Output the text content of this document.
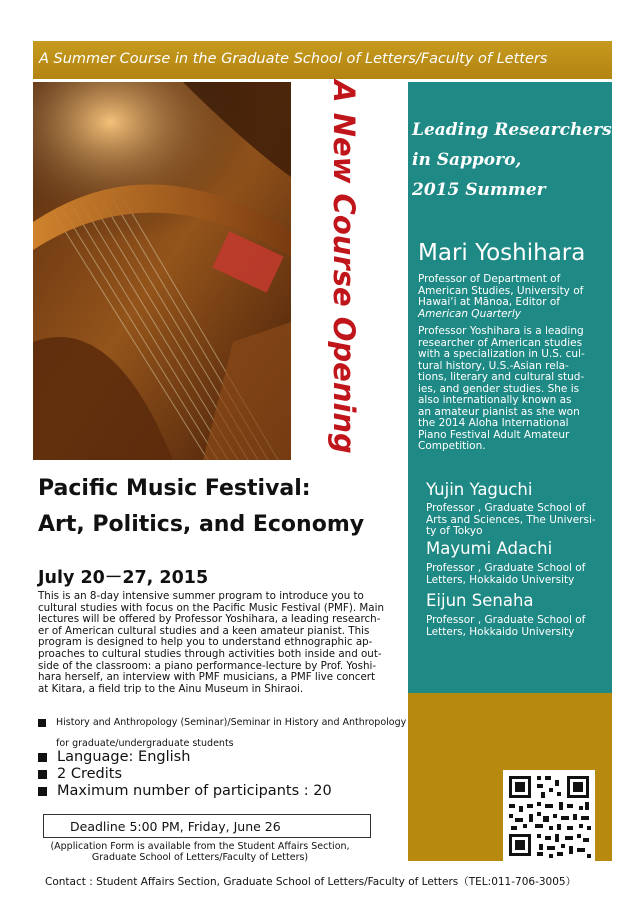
A Summer Course in the Graduate School of Letters/Faculty of Letters
A New Course Opening	Leading Researchers
in Sapporo,
2015 Summer
Mari Yoshihara
Professor of Department of
American Studies, University of
Hawai‘i at Mānoa, Editor of
American Quarterly
Professor Yoshihara is a leading
researcher of American studies
with a specialization in U.S. cul-
tural history, U.S.-Asian rela-
tions, literary and cultural stud-
ies, and gender studies. She is
also internationally known as
an amateur pianist as she won
the 2014 Aloha International
Piano Festival Adult Amateur
Competition.
Yujin Yaguchi
Professor , Graduate School of
Arts and Sciences, The Universi-
ty of Tokyo
Mayumi Adachi
Professor , Graduate School of
Letters, Hokkaido University
Eijun Senaha
Professor , Graduate School of
Letters, Hokkaido University
Pacific Music Festival:
Art, Politics, and Economy
July 20－27, 2015
This is an 8-day intensive summer program to introduce you to
cultural studies with focus on the Pacific Music Festival (PMF). Main
lectures will be offered by Professor Yoshihara, a leading research-
er of American cultural studies and a keen amateur pianist. This
program is designed to help you to understand ethnographic ap-
proaches to cultural studies through activities both inside and out-
side of the classroom: a piano performance-lecture by Prof. Yoshi-
hara herself, an interview with PMF musicians, a PMF live concert
at Kitara, a field trip to the Ainu Museum in Shiraoi.
History and Anthropology (Seminar)/Seminar in History and Anthropology
for graduate/undergraduate students
Language: English
2 Credits
Maximum number of participants : 20
Deadline 5:00 PM, Friday, June 26
(Application Form is available from the Student Affairs Section,
Graduate School of Letters/Faculty of Letters)
Contact : Student Affairs Section, Graduate School of Letters/Faculty of Letters（TEL:011-706-3005）
